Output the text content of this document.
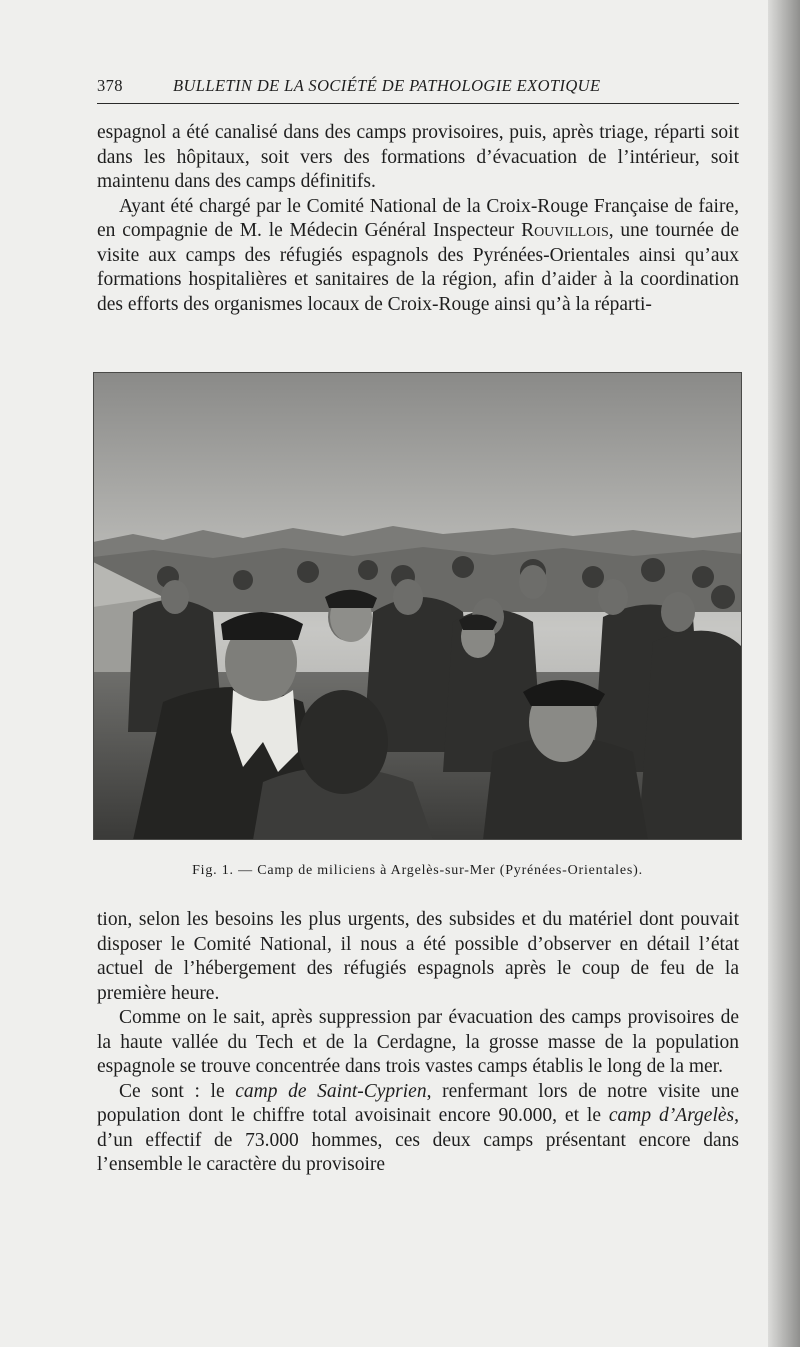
378	BULLETIN DE LA SOCIÉTÉ DE PATHOLOGIE EXOTIQUE

espagnol a été canalisé dans des camps provisoires, puis, après triage, réparti soit dans les hôpitaux, soit vers des formations d’évacuation de l’intérieur, soit maintenu dans des camps définitifs.

Ayant été chargé par le Comité National de la Croix-Rouge Française de faire, en compagnie de M. le Médecin Général Inspecteur Rouvillois, une tournée de visite aux camps des réfugiés espagnols des Pyrénées-Orientales ainsi qu’aux formations hospitalières et sanitaires de la région, afin d’aider à la coordination des efforts des organismes locaux de Croix-Rouge ainsi qu’à la réparti-

Fig. 1. — Camp de miliciens à Argelès-sur-Mer (Pyrénées-Orientales).

tion, selon les besoins les plus urgents, des subsides et du matériel dont pouvait disposer le Comité National, il nous a été possible d’observer en détail l’état actuel de l’hébergement des réfugiés espagnols après le coup de feu de la première heure.

Comme on le sait, après suppression par évacuation des camps provisoires de la haute vallée du Tech et de la Cerdagne, la grosse masse de la population espagnole se trouve concentrée dans trois vastes camps établis le long de la mer.

Ce sont : le camp de Saint-Cyprien, renfermant lors de notre visite une population dont le chiffre total avoisinait encore 90.000, et le camp d’Argelès, d’un effectif de 73.000 hommes, ces deux camps présentant encore dans l’ensemble le caractère du provisoire
